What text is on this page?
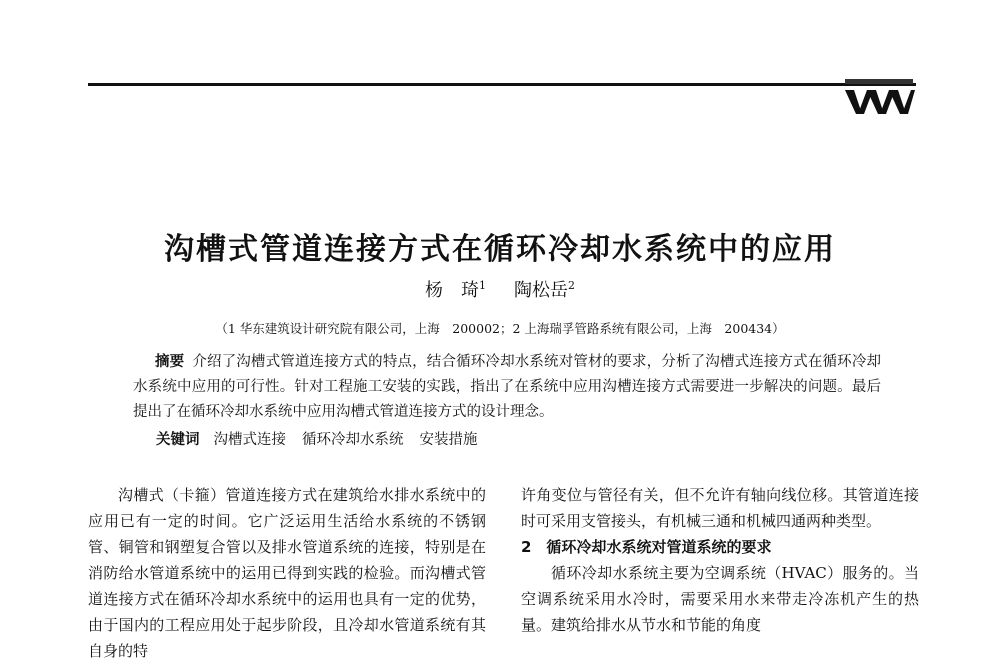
沟槽式管道连接方式在循环冷却水系统中的应用
杨　琦$^1$ 陶松岳$^2$
（1 华东建筑设计研究院有限公司，上海　200002；2 上海瑞孚管路系统有限公司，上海　200434）

摘要 介绍了沟槽式管道连接方式的特点，结合循环冷却水系统对管材的要求，分析了沟槽式连接方式在循环冷却水系统中应用的可行性。针对工程施工安装的实践，指出了在系统中应用沟槽连接方式需要进一步解决的问题。最后提出了在循环冷却水系统中应用沟槽式管道连接方式的设计理念。

关键词 沟槽式连接 循环冷却水系统 安装措施

沟槽式（卡箍）管道连接方式在建筑给水排水系统中的应用已有一定的时间。它广泛运用生活给水系统的不锈钢管、铜管和钢塑复合管以及排水管道系统的连接，特别是在消防给水管道系统中的运用已得到实践的检验。而沟槽式管道连接方式在循环冷却水系统中的运用也具有一定的优势，由于国内的工程应用处于起步阶段，且冷却水管道系统有其自身的特

许角变位与管径有关，但不允许有轴向线位移。其管道连接时可采用支管接头，有机械三通和机械四通两种类型。

2　循环冷却水系统对管道系统的要求

循环冷却水系统主要为空调系统（HVAC）服务的。当空调系统采用水冷时，需要采用水来带走冷冻机产生的热量。建筑给排水从节水和节能的角度
